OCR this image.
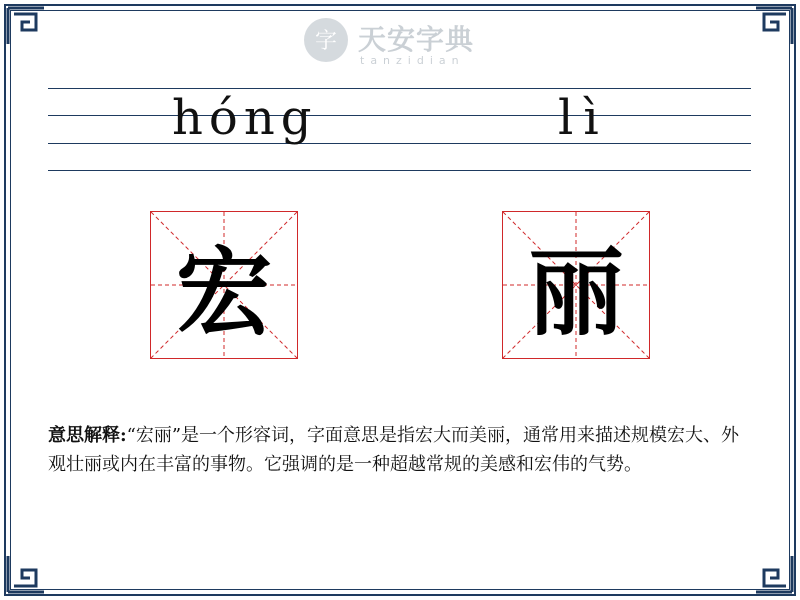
字 天安字典
tanzidian
hóng	lì
宏	丽
意思解释:“宏丽”是一个形容词，字面意思是指宏大而美丽，通常用来描述规模宏大、外观壮丽或内在丰富的事物。它强调的是一种超越常规的美感和宏伟的气势。
